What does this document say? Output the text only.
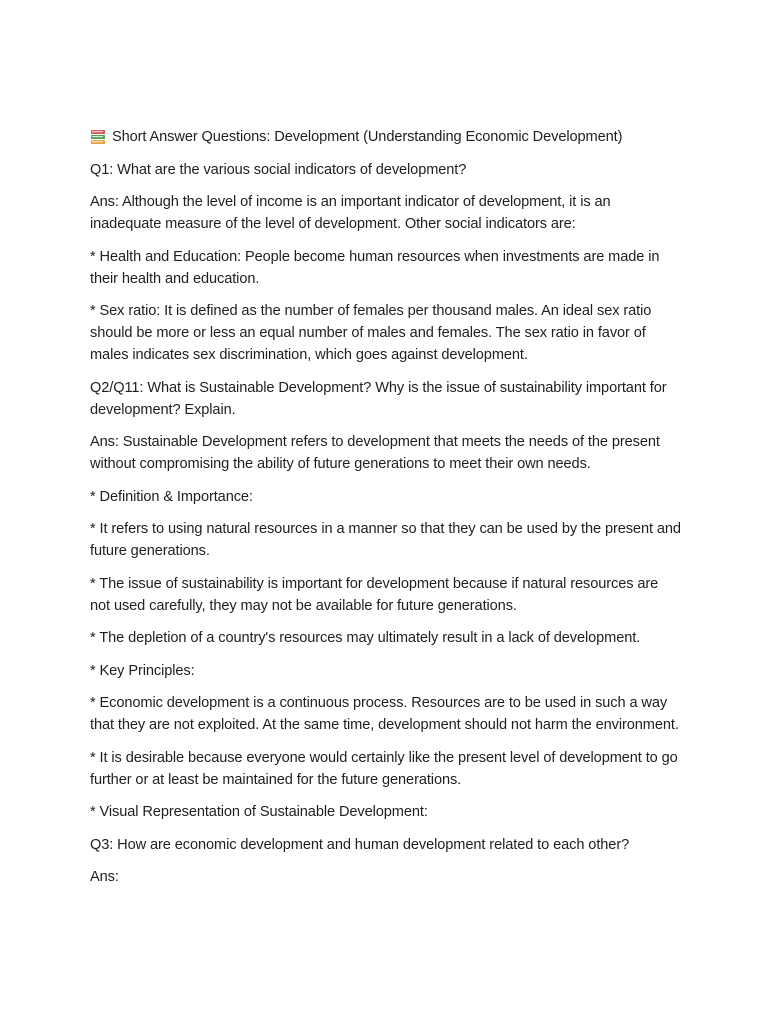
Short Answer Questions: Development (Understanding Economic Development)

Q1: What are the various social indicators of development?

Ans: Although the level of income is an important indicator of development, it is an inadequate measure of the level of development. Other social indicators are:

* Health and Education: People become human resources when investments are made in their health and education.

* Sex ratio: It is defined as the number of females per thousand males. An ideal sex ratio should be more or less an equal number of males and females. The sex ratio in favor of males indicates sex discrimination, which goes against development.

Q2/Q11: What is Sustainable Development? Why is the issue of sustainability important for development? Explain.

Ans: Sustainable Development refers to development that meets the needs of the present without compromising the ability of future generations to meet their own needs.

* Definition & Importance:

* It refers to using natural resources in a manner so that they can be used by the present and future generations.

* The issue of sustainability is important for development because if natural resources are not used carefully, they may not be available for future generations.

* The depletion of a country's resources may ultimately result in a lack of development.

* Key Principles:

* Economic development is a continuous process. Resources are to be used in such a way that they are not exploited. At the same time, development should not harm the environment.

* It is desirable because everyone would certainly like the present level of development to go further or at least be maintained for the future generations.

* Visual Representation of Sustainable Development:

Q3: How are economic development and human development related to each other?

Ans:
